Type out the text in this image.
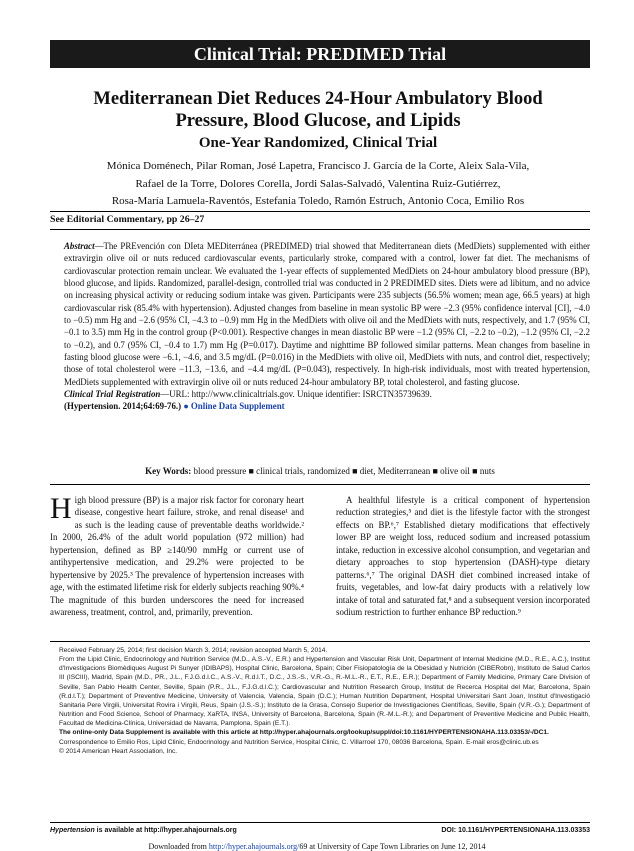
Clinical Trial: PREDIMED Trial
Mediterranean Diet Reduces 24-Hour Ambulatory Blood
Pressure, Blood Glucose, and Lipids
One-Year Randomized, Clinical Trial
Mónica Doménech, Pilar Roman, José Lapetra, Francisco J. García de la Corte, Aleix Sala-Vila,
Rafael de la Torre, Dolores Corella, Jordi Salas-Salvadó, Valentina Ruiz-Gutiérrez,
Rosa-María Lamuela-Raventós, Estefania Toledo, Ramón Estruch, Antonio Coca, Emilio Ros
See Editorial Commentary, pp 26–27

Abstract—The PREvención con DIeta MEDiterránea (PREDIMED) trial showed that Mediterranean diets (MedDiets) supplemented with either extravirgin olive oil or nuts reduced cardiovascular events, particularly stroke, compared with a control, lower fat diet. The mechanisms of cardiovascular protection remain unclear. We evaluated the 1-year effects of supplemented MedDiets on 24-hour ambulatory blood pressure (BP), blood glucose, and lipids. Randomized, parallel-design, controlled trial was conducted in 2 PREDIMED sites. Diets were ad libitum, and no advice on increasing physical activity or reducing sodium intake was given. Participants were 235 subjects (56.5% women; mean age, 66.5 years) at high cardiovascular risk (85.4% with hypertension). Adjusted changes from baseline in mean systolic BP were −2.3 (95% confidence interval [CI], −4.0 to −0.5) mm Hg and −2.6 (95% CI, −4.3 to −0.9) mm Hg in the MedDiets with olive oil and the MedDiets with nuts, respectively, and 1.7 (95% CI, −0.1 to 3.5) mm Hg in the control group (P<0.001). Respective changes in mean diastolic BP were −1.2 (95% CI, −2.2 to −0.2), −1.2 (95% CI, −2.2 to −0.2), and 0.7 (95% CI, −0.4 to 1.7) mm Hg (P=0.017). Daytime and nighttime BP followed similar patterns. Mean changes from baseline in fasting blood glucose were −6.1, −4.6, and 3.5 mg/dL (P=0.016) in the MedDiets with olive oil, MedDiets with nuts, and control diet, respectively; those of total cholesterol were −11.3, −13.6, and −4.4 mg/dL (P=0.043), respectively. In high-risk individuals, most with treated hypertension, MedDiets supplemented with extravirgin olive oil or nuts reduced 24-hour ambulatory BP, total cholesterol, and fasting glucose.

Clinical Trial Registration—URL: http://www.clinicaltrials.gov. Unique identifier: ISRCTN35739639.

(Hypertension. 2014;64:69-76.) ● Online Data Supplement

Key Words: blood pressure ■ clinical trials, randomized ■ diet, Mediterranean ■ olive oil ■ nuts

High blood pressure (BP) is a major risk factor for coronary heart disease, congestive heart failure, stroke, and renal disease¹ and as such is the leading cause of preventable deaths worldwide.² In 2000, 26.4% of the adult world population (972 million) had hypertension, defined as BP ≥140/90 mmHg or current use of antihypertensive medication, and 29.2% were projected to be hypertensive by 2025.³ The prevalence of hypertension increases with age, with the estimated lifetime risk for elderly subjects reaching 90%.⁴ The magnitude of this burden underscores the need for increased awareness, treatment, control, and, primarily, prevention.

A healthful lifestyle is a critical component of hypertension reduction strategies,⁵ and diet is the lifestyle factor with the strongest effects on BP.⁶,⁷ Established dietary modifications that effectively lower BP are weight loss, reduced sodium and increased potassium intake, reduction in excessive alcohol consumption, and vegetarian and dietary approaches to stop hypertension (DASH)-type dietary patterns.⁶,⁷ The original DASH diet combined increased intake of fruits, vegetables, and low-fat dairy products with a relatively low intake of total and saturated fat,⁸ and a subsequent version incorporated sodium restriction to further enhance BP reduction.⁹

Received February 25, 2014; first decision March 3, 2014; revision accepted March 5, 2014.

From the Lipid Clinic, Endocrinology and Nutrition Service (M.D., A.S.-V., E.R.) and Hypertension and Vascular Risk Unit, Department of Internal Medicine (M.D., R.E., A.C.), Institut d'Investigacions Biomèdiques August Pi Sunyer (IDIBAPS), Hospital Clinic, Barcelona, Spain; Ciber Fisiopatología de la Obesidad y Nutrición (CIBERobn), Instituto de Salud Carlos III (ISCIII), Madrid, Spain (M.D., PR., J.L., F.J.G.d.l.C., A.S.-V., R.d.l.T., D.C., J.S.-S., V.R.-G., R.-M.L.-R., E.T., R.E., E.R.); Department of Family Medicine, Primary Care Division of Seville, San Pablo Health Center, Seville, Spain (P.R., J.L., F.J.G.d.l.C.); Cardiovascular and Nutrition Research Group, Institut de Recerca Hospital del Mar, Barcelona, Spain (R.d.l.T.); Department of Preventive Medicine, University of Valencia, Valencia, Spain (D.C.); Human Nutrition Department, Hospital Universitari Sant Joan, Institut d'Investigació Sanitaria Pere Virgili, Universitat Rovira i Virgili, Reus, Spain (J.S.-S.); Instituto de la Grasa, Consejo Superior de Investigaciones Científicas, Seville, Spain (V.R.-G.); Department of Nutrition and Food Science, School of Pharmacy, XaRTA, INSA, University of Barcelona, Barcelona, Spain (R.-M.L.-R.); and Department of Preventive Medicine and Public Health, Facultad de Medicina-Clínica, Universidad de Navarra, Pamplona, Spain (E.T.).

The online-only Data Supplement is available with this article at http://hyper.ahajournals.org/lookup/suppl/doi:10.1161/HYPERTENSIONAHA.113.03353/-/DC1.

Correspondence to Emilio Ros, Lipid Clinic, Endocrinology and Nutrition Service, Hospital Clinic, C. Villarroel 170, 08036 Barcelona, Spain. E-mail eros@clinic.ub.es

© 2014 American Heart Association, Inc.

Hypertension is available at http://hyper.ahajournals.org	DOI: 10.1161/HYPERTENSIONAHA.113.03353
Downloaded from http://hyper.ahajournals.org/69 at University of Cape Town Libraries on June 12, 2014
